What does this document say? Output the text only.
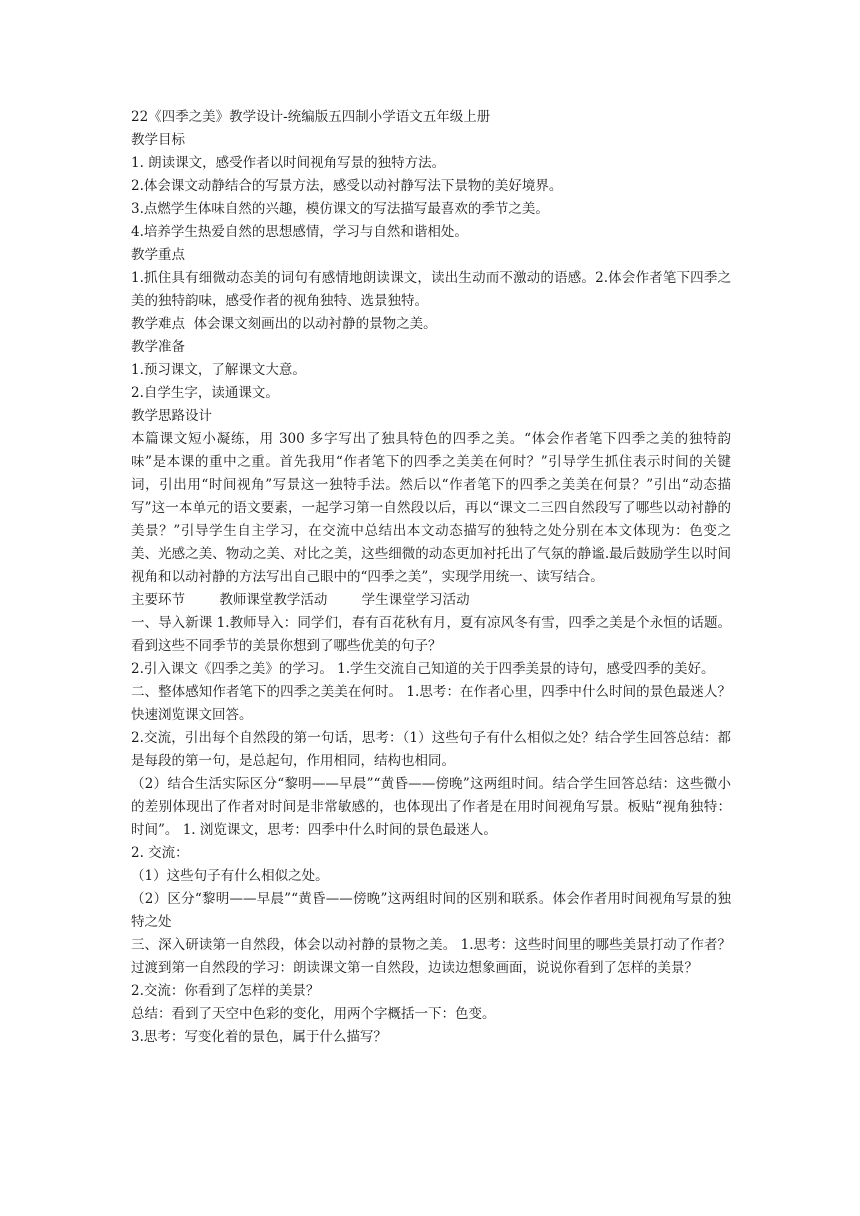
22《四季之美》教学设计-统编版五四制小学语文五年级上册
教学目标
1. 朗读课文，感受作者以时间视角写景的独特方法。
2.体会课文动静结合的写景方法，感受以动衬静写法下景物的美好境界。
3.点燃学生体味自然的兴趣，模仿课文的写法描写最喜欢的季节之美。
4.培养学生热爱自然的思想感情，学习与自然和谐相处。
教学重点
1.抓住具有细微动态美的词句有感情地朗读课文，读出生动而不激动的语感。2.体会作者笔下四季之美的独特韵味，感受作者的视角独特、选景独特。
教学难点  体会课文刻画出的以动衬静的景物之美。
教学准备
1.预习课文，了解课文大意。
2.自学生字，读通课文。
教学思路设计
本篇课文短小凝练，用 300 多字写出了独具特色的四季之美。“体会作者笔下四季之美的独特韵味”是本课的重中之重。首先我用“作者笔下的四季之美美在何时？”引导学生抓住表示时间的关键词，引出用“时间视角”写景这一独特手法。然后以“作者笔下的四季之美美在何景？”引出“动态描写”这一本单元的语文要素，一起学习第一自然段以后，再以“课文二三四自然段写了哪些以动衬静的美景？”引导学生自主学习，在交流中总结出本文动态描写的独特之处分别在本文体现为：色变之美、光感之美、物动之美、对比之美，这些细微的动态更加衬托出了气氛的静谧.最后鼓励学生以时间视角和以动衬静的方法写出自己眼中的“四季之美”，实现学用统一、读写结合。
主要环节        教师课堂教学活动        学生课堂学习活动
一、导入新课 1.教师导入：同学们，春有百花秋有月，夏有凉风冬有雪，四季之美是个永恒的话题。看到这些不同季节的美景你想到了哪些优美的句子？
2.引入课文《四季之美》的学习。 1.学生交流自己知道的关于四季美景的诗句，感受四季的美好。
二、整体感知作者笔下的四季之美美在何时。 1.思考：在作者心里，四季中什么时间的景色最迷人？快速浏览课文回答。
2.交流，引出每个自然段的第一句话，思考：（1）这些句子有什么相似之处？结合学生回答总结：都是每段的第一句，是总起句，作用相同，结构也相同。
（2）结合生活实际区分“黎明——早晨”“黄昏——傍晚”这两组时间。结合学生回答总结：这些微小的差别体现出了作者对时间是非常敏感的，也体现出了作者是在用时间视角写景。板贴“视角独特：时间”。 1. 浏览课文，思考：四季中什么时间的景色最迷人。
2. 交流：
（1）这些句子有什么相似之处。
（2）区分“黎明——早晨”“黄昏——傍晚”这两组时间的区别和联系。体会作者用时间视角写景的独特之处
三、深入研读第一自然段，体会以动衬静的景物之美。 1.思考：这些时间里的哪些美景打动了作者？过渡到第一自然段的学习：朗读课文第一自然段，边读边想象画面，说说你看到了怎样的美景？
2.交流：你看到了怎样的美景？
总结：看到了天空中色彩的变化，用两个字概括一下：色变。
3.思考：写变化着的景色，属于什么描写？
